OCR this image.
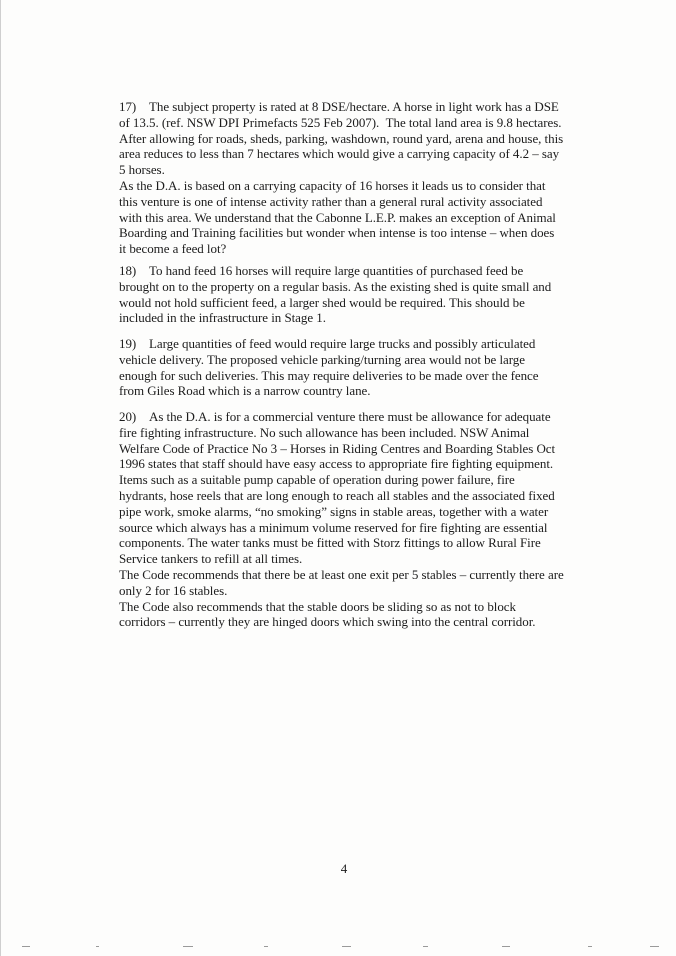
17)    The subject property is rated at 8 DSE/hectare. A horse in light work has a DSE
of 13.5. (ref. NSW DPI Primefacts 525 Feb 2007).  The total land area is 9.8 hectares.
After allowing for roads, sheds, parking, washdown, round yard, arena and house, this
area reduces to less than 7 hectares which would give a carrying capacity of 4.2 – say
5 horses.
As the D.A. is based on a carrying capacity of 16 horses it leads us to consider that
this venture is one of intense activity rather than a general rural activity associated
with this area. We understand that the Cabonne L.E.P. makes an exception of Animal
Boarding and Training facilities but wonder when intense is too intense – when does
it become a feed lot?
18)    To hand feed 16 horses will require large quantities of purchased feed be
brought on to the property on a regular basis. As the existing shed is quite small and
would not hold sufficient feed, a larger shed would be required. This should be
included in the infrastructure in Stage 1.
19)    Large quantities of feed would require large trucks and possibly articulated
vehicle delivery. The proposed vehicle parking/turning area would not be large
enough for such deliveries. This may require deliveries to be made over the fence
from Giles Road which is a narrow country lane.
20)    As the D.A. is for a commercial venture there must be allowance for adequate
fire fighting infrastructure. No such allowance has been included. NSW Animal
Welfare Code of Practice No 3 – Horses in Riding Centres and Boarding Stables Oct
1996 states that staff should have easy access to appropriate fire fighting equipment.
Items such as a suitable pump capable of operation during power failure, fire
hydrants, hose reels that are long enough to reach all stables and the associated fixed
pipe work, smoke alarms, “no smoking” signs in stable areas, together with a water
source which always has a minimum volume reserved for fire fighting are essential
components. The water tanks must be fitted with Storz fittings to allow Rural Fire
Service tankers to refill at all times.
The Code recommends that there be at least one exit per 5 stables – currently there are
only 2 for 16 stables.
The Code also recommends that the stable doors be sliding so as not to block
corridors – currently they are hinged doors which swing into the central corridor.
4
